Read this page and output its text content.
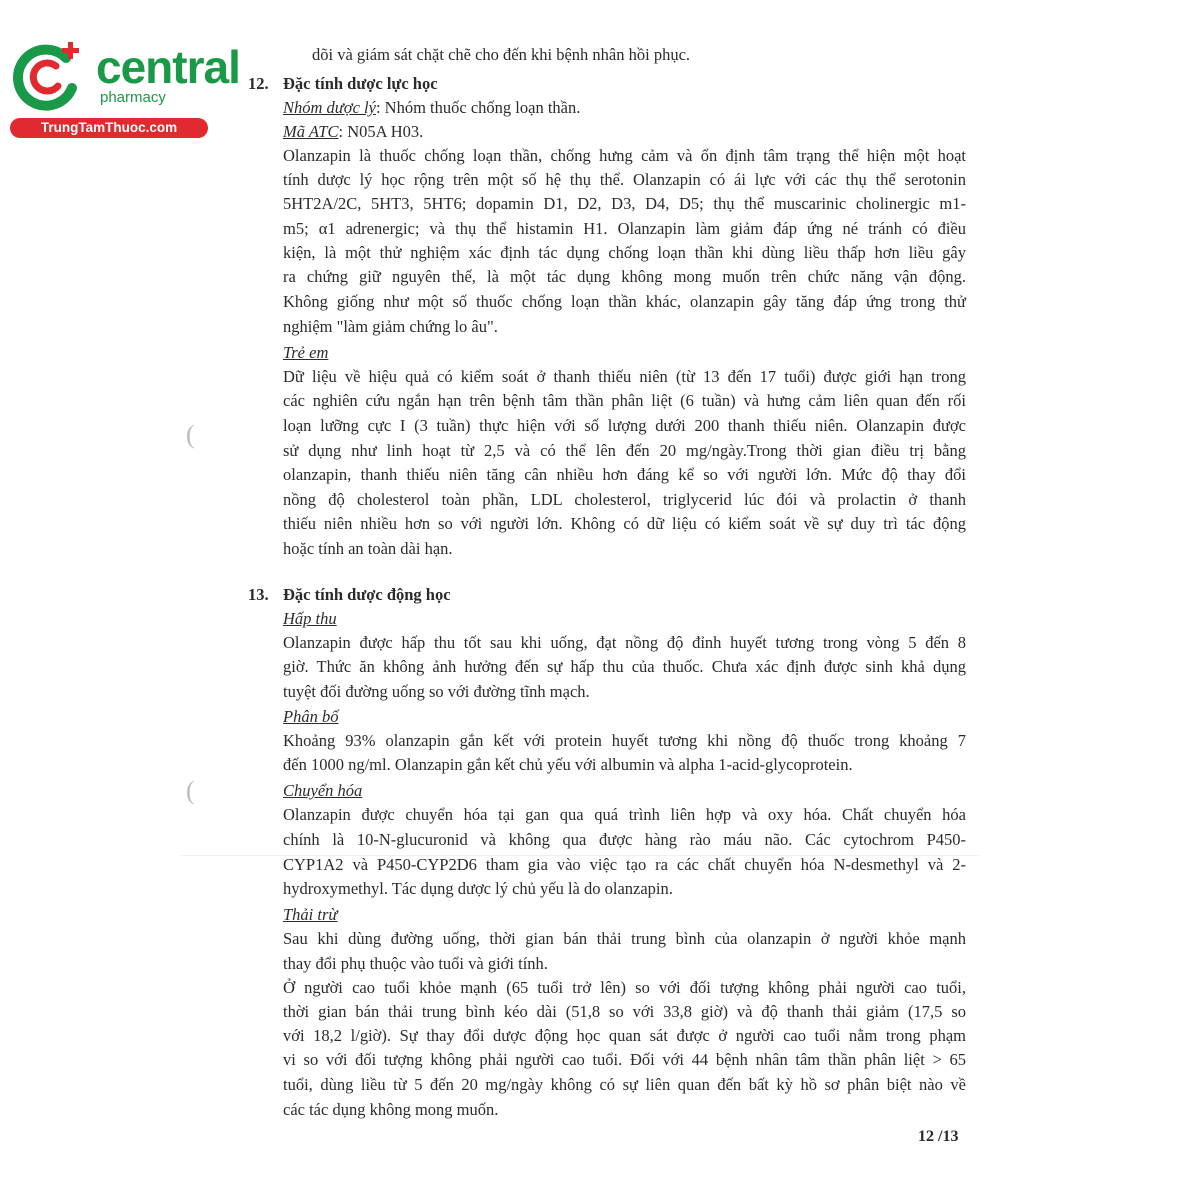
central
pharmacy
TrungTamThuoc.com
(
(
dõi và giám sát chặt chẽ cho đến khi bệnh nhân hồi phục.
12. Đặc tính dược lực học
Nhóm dược lý: Nhóm thuốc chống loạn thần.
Mã ATC: N05A H03.
Olanzapin là thuốc chống loạn thần, chống hưng cảm và ổn định tâm trạng thể hiện một hoạt
tính dược lý học rộng trên một số hệ thụ thể. Olanzapin có ái lực với các thụ thể serotonin
5HT2A/2C, 5HT3, 5HT6; dopamin D1, D2, D3, D4, D5; thụ thể muscarinic cholinergic m1-
m5; α1 adrenergic; và thụ thể histamin H1. Olanzapin làm giảm đáp ứng né tránh có điều
kiện, là một thử nghiệm xác định tác dụng chống loạn thần khi dùng liều thấp hơn liều gây
ra chứng giữ nguyên thế, là một tác dụng không mong muốn trên chức năng vận động.
Không giống như một số thuốc chống loạn thần khác, olanzapin gây tăng đáp ứng trong thử
nghiệm "làm giảm chứng lo âu".
Trẻ em
Dữ liệu về hiệu quả có kiểm soát ở thanh thiếu niên (từ 13 đến 17 tuổi) được giới hạn trong
các nghiên cứu ngắn hạn trên bệnh tâm thần phân liệt (6 tuần) và hưng cảm liên quan đến rối
loạn lưỡng cực I (3 tuần) thực hiện với số lượng dưới 200 thanh thiếu niên. Olanzapin được
sử dụng như linh hoạt từ 2,5 và có thể lên đến 20 mg/ngày.Trong thời gian điều trị bằng
olanzapin, thanh thiếu niên tăng cân nhiều hơn đáng kể so với người lớn. Mức độ thay đổi
nồng độ cholesterol toàn phần, LDL cholesterol, triglycerid lúc đói và prolactin ở thanh
thiếu niên nhiều hơn so với người lớn. Không có dữ liệu có kiểm soát về sự duy trì tác động
hoặc tính an toàn dài hạn.
13. Đặc tính dược động học
Hấp thu
Olanzapin được hấp thu tốt sau khi uống, đạt nồng độ đỉnh huyết tương trong vòng 5 đến 8
giờ. Thức ăn không ảnh hưởng đến sự hấp thu của thuốc. Chưa xác định được sinh khả dụng
tuyệt đối đường uống so với đường tĩnh mạch.
Phân bố
Khoảng 93% olanzapin gắn kết với protein huyết tương khi nồng độ thuốc trong khoảng 7
đến 1000 ng/ml. Olanzapin gắn kết chủ yếu với albumin và alpha 1-acid-glycoprotein.
Chuyển hóa
Olanzapin được chuyển hóa tại gan qua quá trình liên hợp và oxy hóa. Chất chuyển hóa
chính là 10-N-glucuronid và không qua được hàng rào máu não. Các cytochrom P450-
CYP1A2 và P450-CYP2D6 tham gia vào việc tạo ra các chất chuyển hóa N-desmethyl và 2-
hydroxymethyl. Tác dụng dược lý chủ yếu là do olanzapin.
Thải trừ
Sau khi dùng đường uống, thời gian bán thải trung bình của olanzapin ở người khỏe mạnh
thay đổi phụ thuộc vào tuổi và giới tính.
Ở người cao tuổi khỏe mạnh (65 tuổi trở lên) so với đối tượng không phải người cao tuổi,
thời gian bán thải trung bình kéo dài (51,8 so với 33,8 giờ) và độ thanh thải giảm (17,5 so
với 18,2 l/giờ). Sự thay đổi dược động học quan sát được ở người cao tuổi nằm trong phạm
vi so với đối tượng không phải người cao tuổi. Đối với 44 bệnh nhân tâm thần phân liệt > 65
tuổi, dùng liều từ 5 đến 20 mg/ngày không có sự liên quan đến bất kỳ hồ sơ phân biệt nào về
các tác dụng không mong muốn.
12 /13
